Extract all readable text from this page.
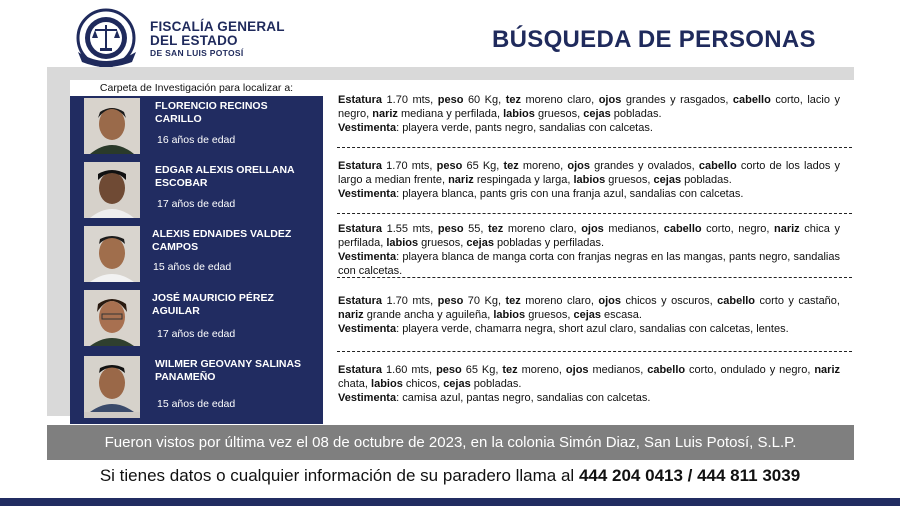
FISCALÍA GENERAL
DEL ESTADO
DE SAN LUIS POTOSÍ	BÚSQUEDA DE PERSONAS
Carpeta de Investigación para localizar a:
FLORENCIO RECINOS CARILLO
16 años de edad
EDGAR ALEXIS ORELLANA ESCOBAR
17 años de edad
ALEXIS EDNAIDES VALDEZ CAMPOS
15 años de edad
JOSÉ MAURICIO PÉREZ AGUILAR
17 años de edad
WILMER GEOVANY SALINAS PANAMEÑO
15 años de edad
Estatura 1.70 mts, peso 60 Kg, tez moreno claro, ojos grandes y rasgados, cabello corto, lacio y negro, nariz mediana y perfilada, labios gruesos, cejas pobladas.
Vestimenta: playera verde, pants negro, sandalias con calcetas.
Estatura 1.70 mts, peso 65 Kg, tez moreno, ojos grandes y ovalados, cabello corto de los lados y largo a median frente, nariz respingada y larga, labios gruesos, cejas pobladas.
Vestimenta: playera blanca, pants gris con una franja azul, sandalias con calcetas.
Estatura 1.55 mts, peso 55, tez moreno claro, ojos medianos, cabello corto, negro, nariz chica y perfilada, labios gruesos, cejas pobladas y perfiladas.
Vestimenta: playera blanca de manga corta con franjas negras en las mangas, pants negro, sandalias con calcetas.
Estatura 1.70 mts, peso 70 Kg, tez moreno claro, ojos chicos y oscuros, cabello corto y castaño, nariz grande ancha y aguileña, labios gruesos, cejas escasa.
Vestimenta: playera verde, chamarra negra, short azul claro, sandalias con calcetas, lentes.
Estatura 1.60 mts, peso 65 Kg, tez moreno, ojos medianos, cabello corto, ondulado y negro, nariz chata, labios chicos, cejas pobladas.
Vestimenta: camisa azul, pantas negro, sandalias con calcetas.
Fueron vistos por última vez el 08 de octubre de 2023, en la colonia Simón Diaz, San Luis Potosí, S.L.P.
Si tienes datos o cualquier información de su paradero llama al 444 204 0413 / 444 811 3039
